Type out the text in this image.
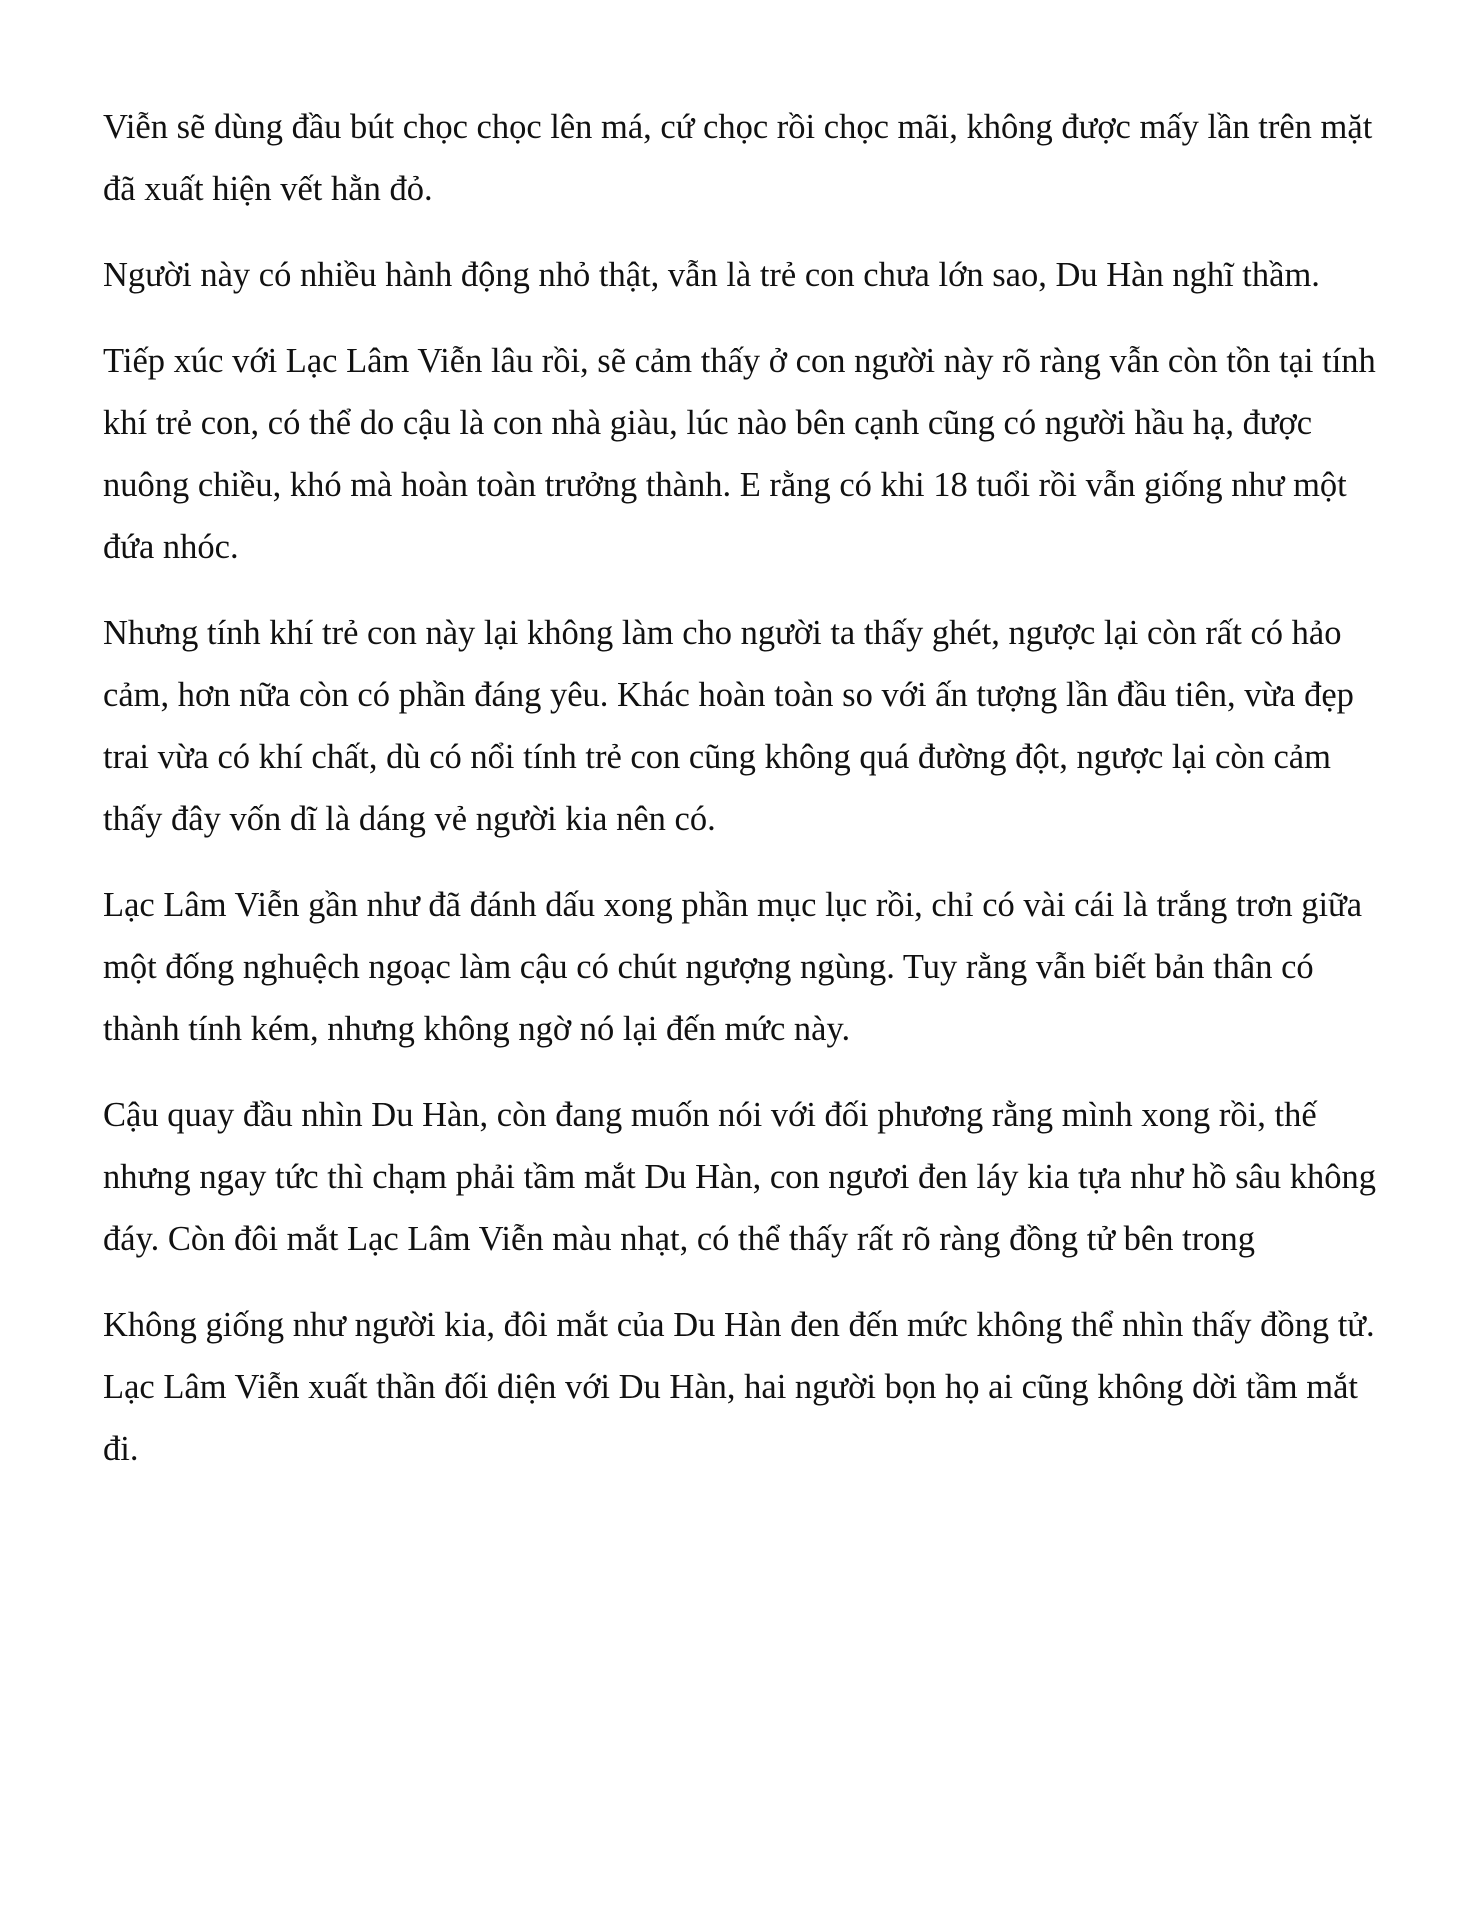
Viễn sẽ dùng đầu bút chọc chọc lên má, cứ chọc rồi chọc mãi, không được mấy lần trên mặt đã xuất hiện vết hằn đỏ.

Người này có nhiều hành động nhỏ thật, vẫn là trẻ con chưa lớn sao, Du Hàn nghĩ thầm.

Tiếp xúc với Lạc Lâm Viễn lâu rồi, sẽ cảm thấy ở con người này rõ ràng vẫn còn tồn tại tính khí trẻ con, có thể do cậu là con nhà giàu, lúc nào bên cạnh cũng có người hầu hạ, được nuông chiều, khó mà hoàn toàn trưởng thành. E rằng có khi 18 tuổi rồi vẫn giống như một đứa nhóc.

Nhưng tính khí trẻ con này lại không làm cho người ta thấy ghét, ngược lại còn rất có hảo cảm, hơn nữa còn có phần đáng yêu. Khác hoàn toàn so với ấn tượng lần đầu tiên, vừa đẹp trai vừa có khí chất, dù có nổi tính trẻ con cũng không quá đường đột, ngược lại còn cảm thấy đây vốn dĩ là dáng vẻ người kia nên có.

Lạc Lâm Viễn gần như đã đánh dấu xong phần mục lục rồi, chỉ có vài cái là trắng trơn giữa một đống nghuệch ngoạc làm cậu có chút ngượng ngùng. Tuy rằng vẫn biết bản thân có thành tính kém, nhưng không ngờ nó lại đến mức này.

Cậu quay đầu nhìn Du Hàn, còn đang muốn nói với đối phương rằng mình xong rồi, thế nhưng ngay tức thì chạm phải tầm mắt Du Hàn, con ngươi đen láy kia tựa như hồ sâu không đáy. Còn đôi mắt Lạc Lâm Viễn màu nhạt, có thể thấy rất rõ ràng đồng tử bên trong

Không giống như người kia, đôi mắt của Du Hàn đen đến mức không thể nhìn thấy đồng tử. Lạc Lâm Viễn xuất thần đối diện với Du Hàn, hai người bọn họ ai cũng không dời tầm mắt đi.
